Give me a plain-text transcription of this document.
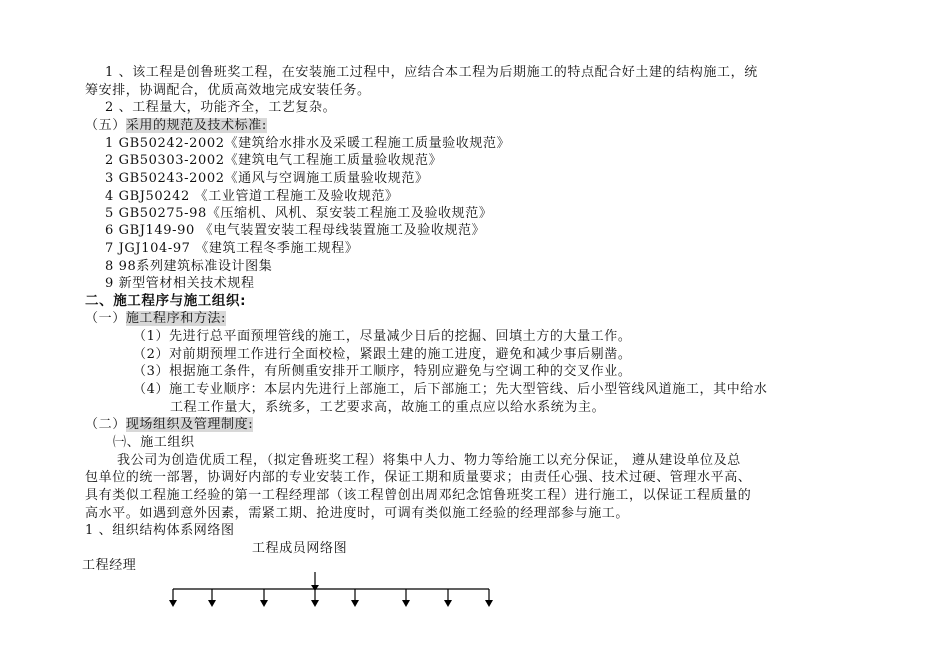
1 、该工程是创鲁班奖工程，在安装施工过程中，应结合本工程为后期施工的特点配合好土建的结构施工，统
筹安排，协调配合，优质高效地完成安装任务。
2 、工程量大，功能齐全，工艺复杂。
（五）采用的规范及技术标准:
1 GB50242-2002《建筑给水排水及采暖工程施工质量验收规范》
2 GB50303-2002《建筑电气工程施工质量验收规范》
3 GB50243-2002《通风与空调施工质量验收规范》
4 GBJ50242 《工业管道工程施工及验收规范》
5 GB50275-98《压缩机、风机、泵安装工程施工及验收规范》
6 GBJ149-90 《电气装置安装工程母线装置施工及验收规范》
7 JGJ104-97 《建筑工程冬季施工规程》
8 98系列建筑标准设计图集
9 新型管材相关技术规程
二、施工程序与施工组织:
（一）施工程序和方法:
（1）先进行总平面预埋管线的施工，尽量减少日后的挖掘、回填土方的大量工作。
（2）对前期预埋工作进行全面校检，紧跟土建的施工进度，避免和减少事后剔凿。
（3）根据施工条件，有所侧重安排开工顺序，特别应避免与空调工种的交叉作业。
（4）施工专业顺序：本层内先进行上部施工，后下部施工；先大型管线、后小型管线风道施工，其中给水
工程工作量大，系统多，工艺要求高，故施工的重点应以给水系统为主。
（二）现场组织及管理制度:
㈠、施工组织
我公司为创造优质工程，（拟定鲁班奖工程）将集中人力、物力等给施工以充分保证， 遵从建设单位及总
包单位的统一部署，协调好内部的专业安装工作，保证工期和质量要求；由责任心强、技术过硬、管理水平高、
具有类似工程施工经验的第一工程经理部（该工程曾创出周邓纪念馆鲁班奖工程）进行施工，以保证工程质量的
高水平。如遇到意外因素，需紧工期、抢进度时，可调有类似施工经验的经理部参与施工。
1 、组织结构体系网络图
工程成员网络图
工程经理
